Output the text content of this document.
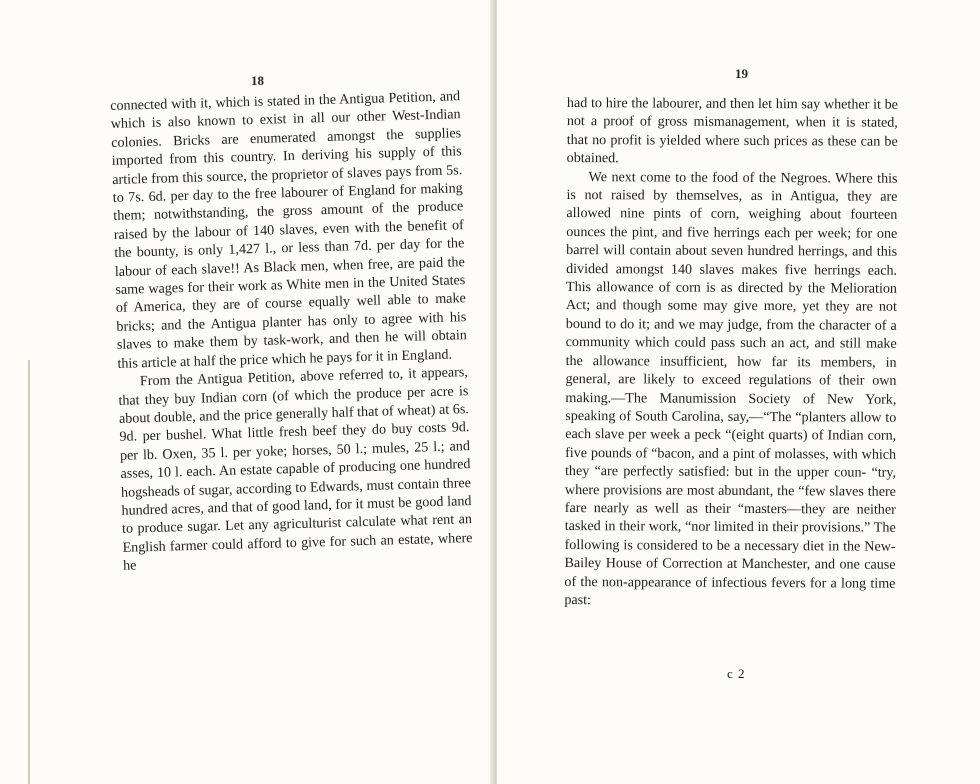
18

connected with it, which is stated in the Antigua Petition, and which is also known to exist in all our other West-Indian colonies. Bricks are enumerated amongst the supplies imported from this country. In deriving his supply of this article from this source, the proprietor of slaves pays from 5s. to 7s. 6d. per day to the free labourer of England for making them; notwithstanding, the gross amount of the produce raised by the labour of 140 slaves, even with the benefit of the bounty, is only 1,427 l., or less than 7d. per day for the labour of each slave!! As Black men, when free, are paid the same wages for their work as White men in the United States of America, they are of course equally well able to make bricks; and the Antigua planter has only to agree with his slaves to make them by task-work, and then he will obtain this article at half the price which he pays for it in England.

From the Antigua Petition, above referred to, it appears, that they buy Indian corn (of which the produce per acre is about double, and the price generally half that of wheat) at 6s. 9d. per bushel. What little fresh beef they do buy costs 9d. per lb. Oxen, 35 l. per yoke; horses, 50 l.; mules, 25 l.; and asses, 10 l. each. An estate capable of producing one hundred hogsheads of sugar, according to Edwards, must contain three hundred acres, and that of good land, for it must be good land to produce sugar. Let any agriculturist calculate what rent an English farmer could afford to give for such an estate, where he

19

had to hire the labourer, and then let him say whether it be not a proof of gross mismanagement, when it is stated, that no profit is yielded where such prices as these can be obtained.

We next come to the food of the Negroes. Where this is not raised by themselves, as in Antigua, they are allowed nine pints of corn, weighing about fourteen ounces the pint, and five herrings each per week; for one barrel will contain about seven hundred herrings, and this divided amongst 140 slaves makes five herrings each. This allowance of corn is as directed by the Melioration Act; and though some may give more, yet they are not bound to do it; and we may judge, from the character of a community which could pass such an act, and still make the allowance insufficient, how far its members, in general, are likely to exceed regulations of their own making.—The Manumission Society of New York, speaking of South Carolina, say,—“The “planters allow to each slave per week a peck “(eight quarts) of Indian corn, five pounds of “bacon, and a pint of molasses, with which they “are perfectly satisfied: but in the upper coun- “try, where provisions are most abundant, the “few slaves there fare nearly as well as their “masters—they are neither tasked in their work, “nor limited in their provisions.” The following is considered to be a necessary diet in the New-Bailey House of Correction at Manchester, and one cause of the non-appearance of infectious fevers for a long time past:

c 2
